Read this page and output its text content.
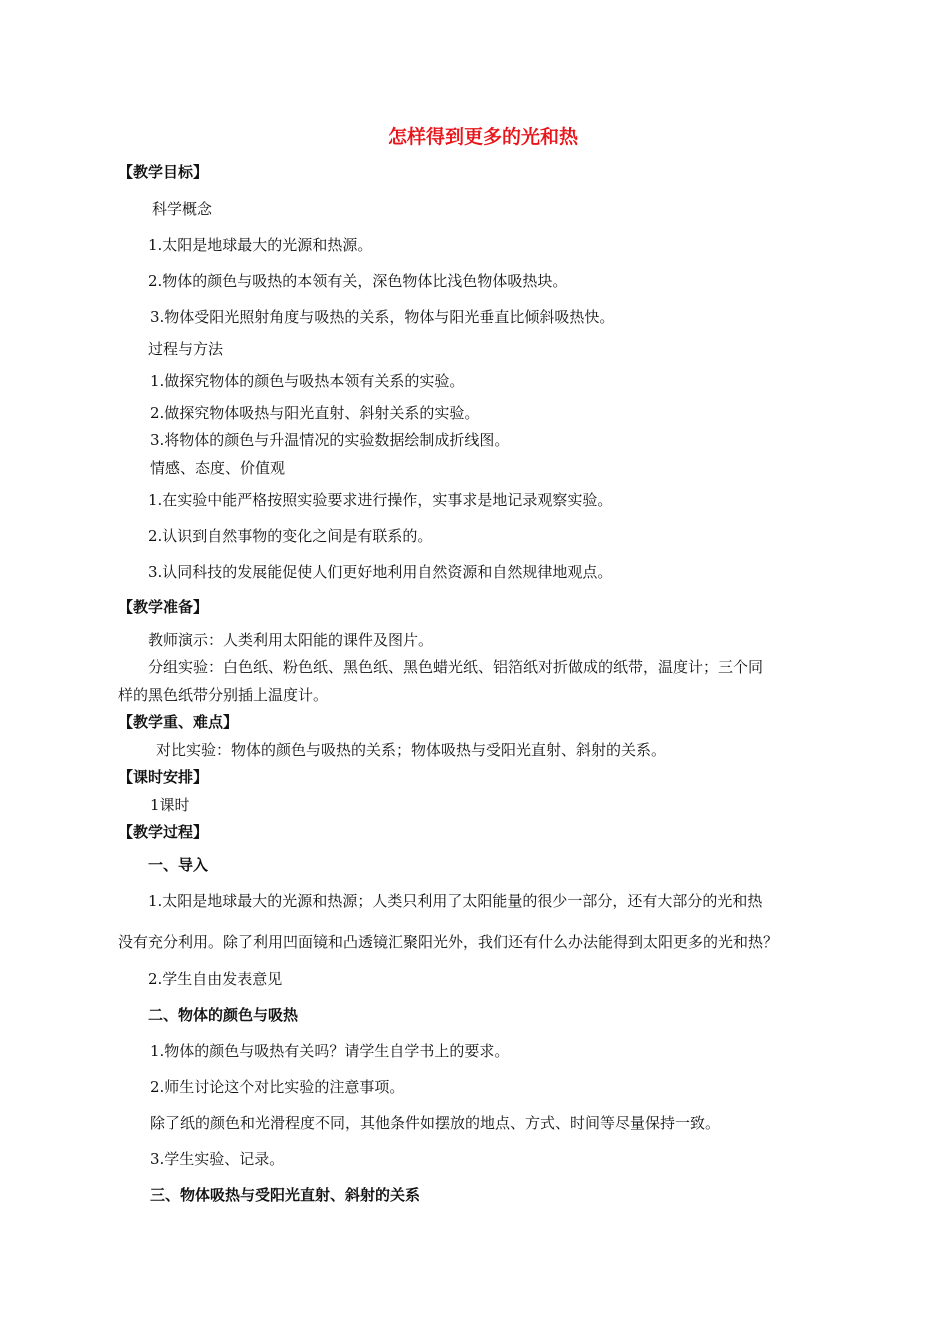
怎样得到更多的光和热
【教学目标】
科学概念
1.太阳是地球最大的光源和热源。
2.物体的颜色与吸热的本领有关，深色物体比浅色物体吸热块。
3.物体受阳光照射角度与吸热的关系，物体与阳光垂直比倾斜吸热快。
过程与方法
1.做探究物体的颜色与吸热本领有关系的实验。
2.做探究物体吸热与阳光直射、斜射关系的实验。
3.将物体的颜色与升温情况的实验数据绘制成折线图。
情感、态度、价值观
1.在实验中能严格按照实验要求进行操作，实事求是地记录观察实验。
2.认识到自然事物的变化之间是有联系的。
3.认同科技的发展能促使人们更好地利用自然资源和自然规律地观点。
【教学准备】
教师演示：人类利用太阳能的课件及图片。
分组实验：白色纸、粉色纸、黑色纸、黑色蜡光纸、铝箔纸对折做成的纸带，温度计；三个同
样的黑色纸带分别插上温度计。
【教学重、难点】
对比实验：物体的颜色与吸热的关系；物体吸热与受阳光直射、斜射的关系。
【课时安排】
1课时
【教学过程】
一、导入
1.太阳是地球最大的光源和热源；人类只利用了太阳能量的很少一部分，还有大部分的光和热
没有充分利用。除了利用凹面镜和凸透镜汇聚阳光外，我们还有什么办法能得到太阳更多的光和热？
2.学生自由发表意见
二、物体的颜色与吸热
1.物体的颜色与吸热有关吗？请学生自学书上的要求。
2.师生讨论这个对比实验的注意事项。
除了纸的颜色和光滑程度不同，其他条件如摆放的地点、方式、时间等尽量保持一致。
3.学生实验、记录。
三、物体吸热与受阳光直射、斜射的关系
